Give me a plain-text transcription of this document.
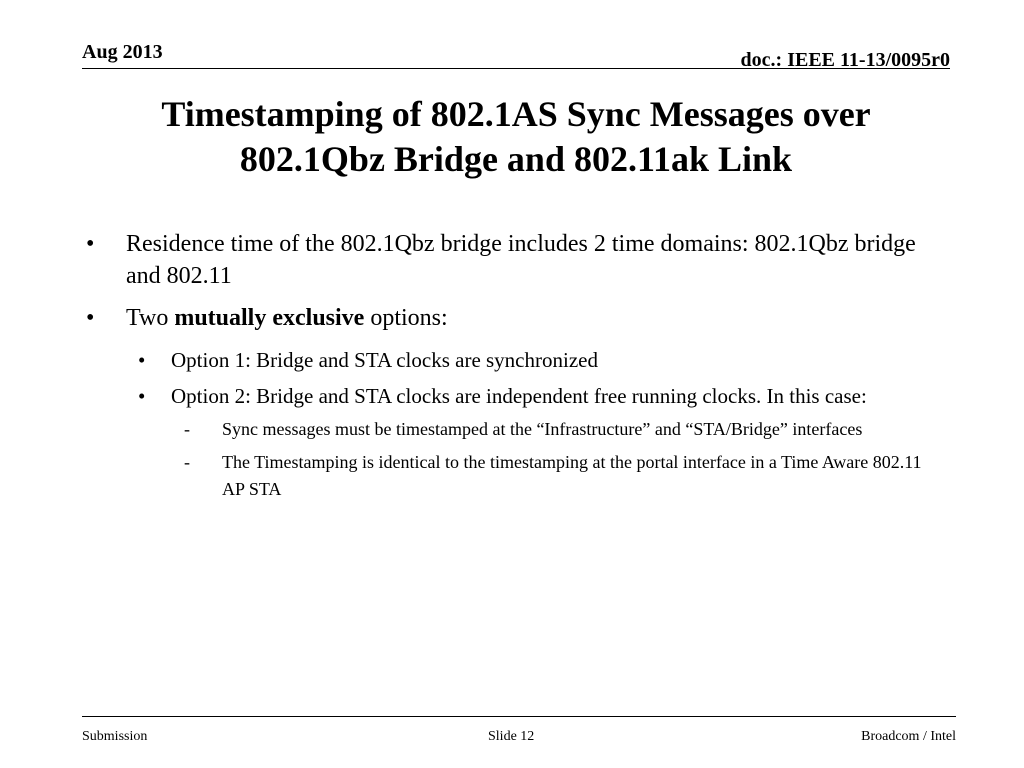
Aug 2013	doc.: IEEE 11-13/0095r0
Timestamping of 802.1AS Sync Messages over
802.1Qbz Bridge and 802.11ak Link
• Residence time of the 802.1Qbz bridge includes 2 time domains: 802.1Qbz bridge and 802.11
• Two mutually exclusive options:
• Option 1: Bridge and STA clocks are synchronized
• Option 2: Bridge and STA clocks are independent free running clocks. In this case:
- Sync messages must be timestamped at the “Infrastructure” and “STA/Bridge” interfaces
- The Timestamping is identical to the timestamping at the portal interface in a Time Aware 802.11 AP STA
Submission	Slide 12	Broadcom / Intel
